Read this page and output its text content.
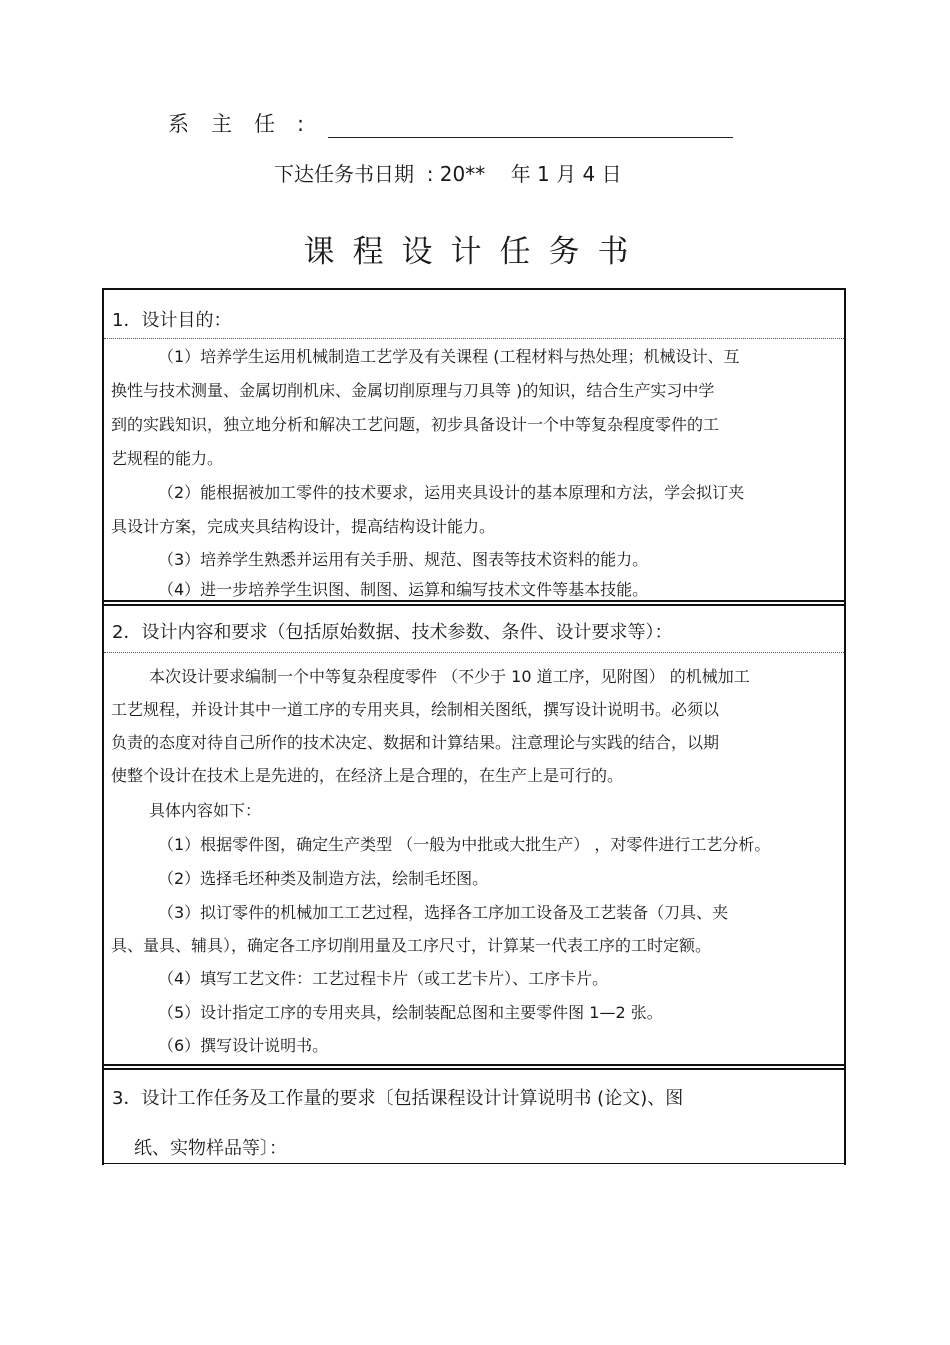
系主任:
下达任务书日期  : 20**    年 1 月 4 日
课程设计任务书
1．设计目的：
（1）培养学生运用机械制造工艺学及有关课程 (工程材料与热处理；机械设计、互
换性与技术测量、金属切削机床、金属切削原理与刀具等 )的知识，结合生产实习中学
到的实践知识，独立地分析和解决工艺问题，初步具备设计一个中等复杂程度零件的工
艺规程的能力。
（2）能根据被加工零件的技术要求，运用夹具设计的基本原理和方法，学会拟订夹
具设计方案，完成夹具结构设计，提高结构设计能力。
（3）培养学生熟悉并运用有关手册、规范、图表等技术资料的能力。
（4）进一步培养学生识图、制图、运算和编写技术文件等基本技能。
2．设计内容和要求（包括原始数据、技术参数、条件、设计要求等）：
本次设计要求编制一个中等复杂程度零件 （不少于 10 道工序，见附图） 的机械加工
工艺规程，并设计其中一道工序的专用夹具，绘制相关图纸，撰写设计说明书。必须以
负责的态度对待自己所作的技术决定、数据和计算结果。注意理论与实践的结合，以期
使整个设计在技术上是先进的，在经济上是合理的，在生产上是可行的。
具体内容如下：
（1）根据零件图，确定生产类型 （一般为中批或大批生产） ，对零件进行工艺分析。
（2）选择毛坯种类及制造方法，绘制毛坯图。
（3）拟订零件的机械加工工艺过程，选择各工序加工设备及工艺装备（刀具、夹
具、量具、辅具），确定各工序切削用量及工序尺寸，计算某一代表工序的工时定额。
（4）填写工艺文件：工艺过程卡片（或工艺卡片）、工序卡片。
（5）设计指定工序的专用夹具，绘制装配总图和主要零件图 1—2 张。
（6）撰写设计说明书。
3．设计工作任务及工作量的要求〔包括课程设计计算说明书 (论文)、图
纸、实物样品等〕：
